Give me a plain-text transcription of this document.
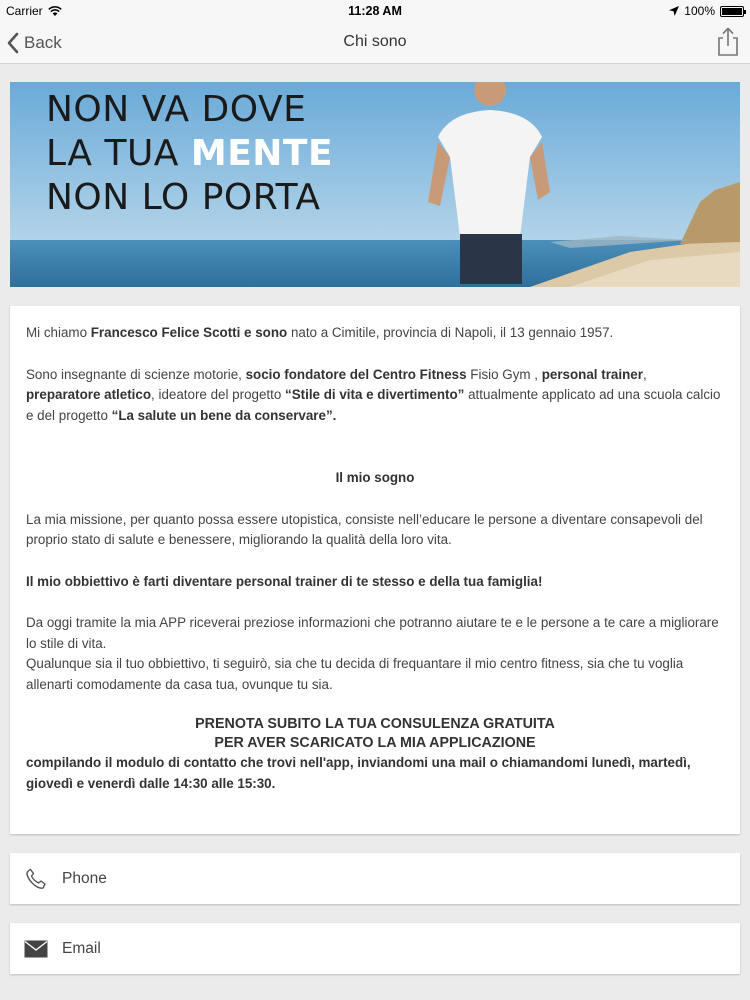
Carrier	11:28 AM	100%
Back	Chi sono
NON VA DOVE
LA TUA MENTE
NON LO PORTA

Mi chiamo Francesco Felice Scotti e sono nato a Cimitile, provincia di Napoli, il 13 gennaio 1957.

Sono insegnante di scienze motorie, socio fondatore del Centro Fitness Fisio Gym , personal trainer,
preparatore atletico, ideatore del progetto “Stile di vita e divertimento” attualmente applicato ad una scuola calcio e del progetto “La salute un bene da conservare”.

Il mio sogno

La mia missione, per quanto possa essere utopistica, consiste nell’educare le persone a diventare consapevoli del proprio stato di salute e benessere, migliorando la qualità della loro vita.

Il mio obbiettivo è farti diventare personal trainer di te stesso e della tua famiglia!

Da oggi tramite la mia APP riceverai preziose informazioni che potranno aiutare te e le persone a te care a migliorare lo stile di vita.

Qualunque sia il tuo obbiettivo, ti seguirò, sia che tu decida di frequantare il mio centro fitness, sia che tu voglia allenarti comodamente da casa tua, ovunque tu sia.

PRENOTA SUBITO LA TUA CONSULENZA GRATUITA
PER AVER SCARICATO LA MIA APPLICAZIONE

compilando il modulo di contatto che trovi nell'app, inviandomi una mail o chiamandomi lunedì, martedì, giovedì e venerdì dalle 14:30 alle 15:30.

Phone
Email
